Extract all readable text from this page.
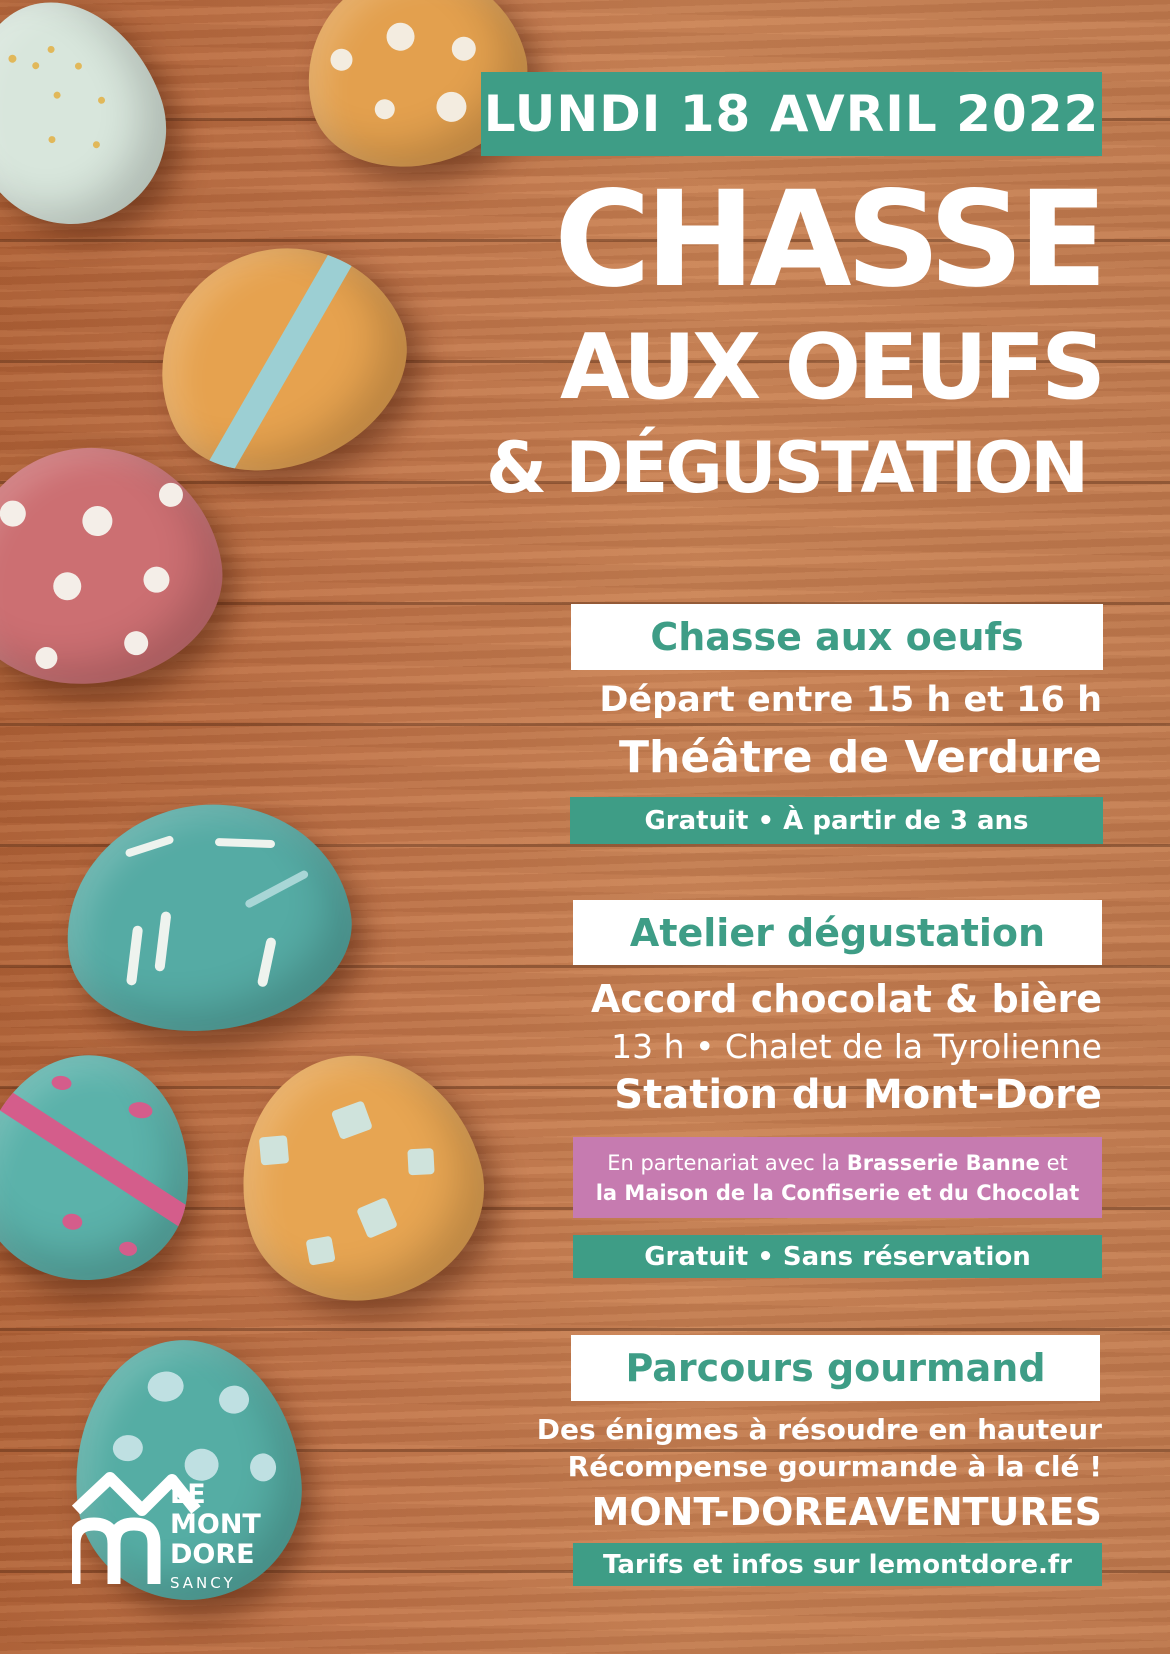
LUNDI 18 AVRIL 2022
CHASSE
AUX OEUFS
& DÉGUSTATION
Chasse aux oeufs
Départ entre 15 h et 16 h
Théâtre de Verdure
Gratuit • À partir de 3 ans
Atelier dégustation
Accord chocolat & bière
13 h • Chalet de la Tyrolienne
Station du Mont-Dore
En partenariat avec la Brasserie Banne et
la Maison de la Confiserie et du Chocolat
Gratuit • Sans réservation
Parcours gourmand
Des énigmes à résoudre en hauteur
Récompense gourmande à la clé !
MONT-DOREAVENTURES
Tarifs et infos sur lemontdore.fr
LE
MONT
DORE
SANCY
